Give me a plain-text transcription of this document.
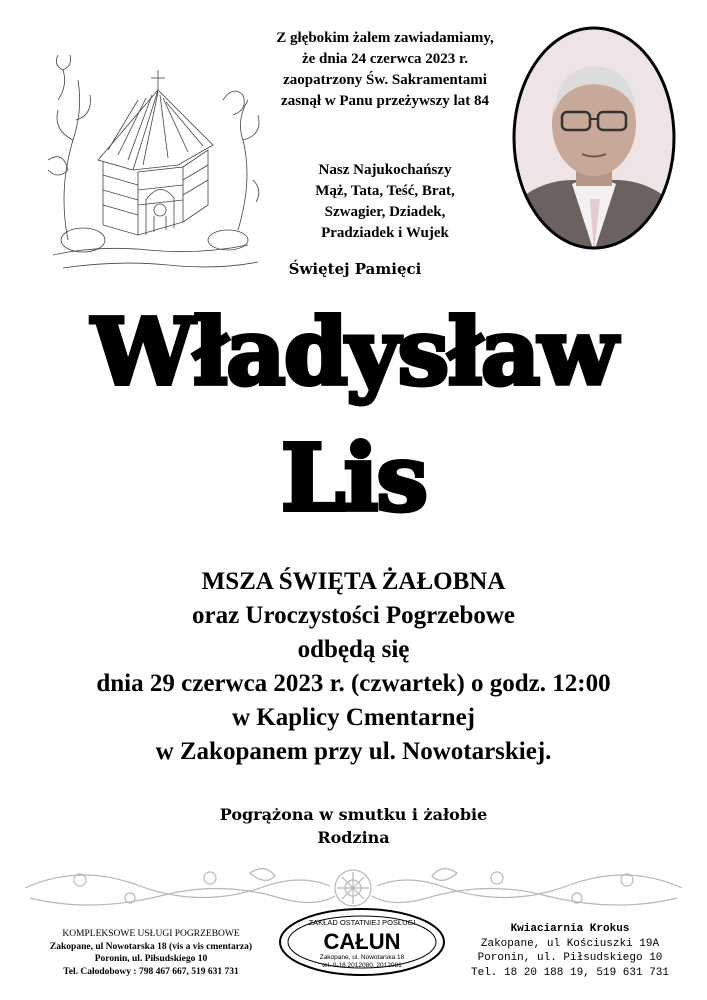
Z głębokim żalem zawiadamiamy,
że dnia 24 czerwca 2023 r.
zaopatrzony Św. Sakramentami
zasnął w Panu przeżywszy lat 84
Nasz Najukochańszy
Mąż, Tata, Teść, Brat,
Szwagier, Dziadek,
Pradziadek i Wujek
Świętej Pamięci
Władysław
Lis
MSZA ŚWIĘTA ŻAŁOBNA
oraz Uroczystości Pogrzebowe
odbędą się
dnia 29 czerwca 2023 r. (czwartek) o godz. 12:00
w Kaplicy Cmentarnej
w Zakopanem przy ul. Nowotarskiej.
Pogrążona w smutku i żałobie
Rodzina
KOMPLEKSOWE USŁUGI POGRZEBOWE
Zakopane, ul Nowotarska 18 (vis a vis cmentarza)
Poronin, ul. Piłsudskiego 10
Tel. Całodobowy : 798 467 667, 519 631 731
ZAKŁAD OSTATNIEJ POSŁUGI
CAŁUN
Zakopane, ul. Nowotarska 18
tel. 0-18 2012080, 2012081
Kwiaciarnia Krokus
Zakopane, ul Kościuszki 19A
Poronin, ul. Piłsudskiego 10
Tel. 18 20 188 19, 519 631 731
